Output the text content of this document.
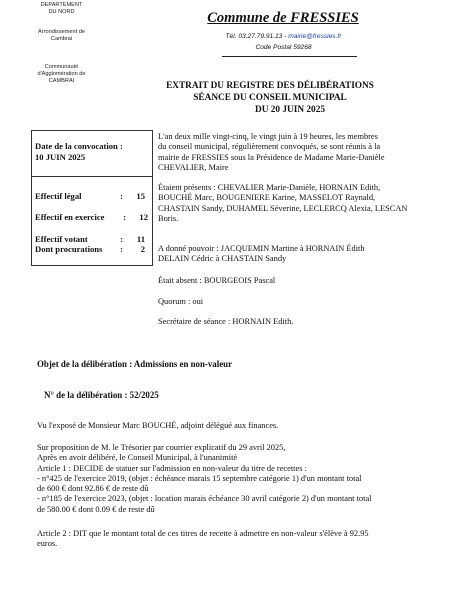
DEPARTEMENT
DU NORD
Arrondissement de
Cambrai
Communauté
d'Agglomération de
CAMBRAI
Commune de FRESSIES
Tél. 03.27.79.91.13 - mairie@fressies.fr
Code Postal 59268
EXTRAIT DU REGISTRE DES DÉLIBÉRATIONS
SÉANCE DU CONSEIL MUNICIPAL
DU 20 JUIN 2025
Date de la convocation :
10 JUIN 2025
Effectif légal	: 15
Effectif en exercice : 12
Effectif votant	: 11
Dont procurations : 2
L'an deux mille vingt-cinq, le vingt juin à 19 heures, les membres
du conseil municipal, régulièrement convoqués, se sont réunis à la
mairie de FRESSIES sous la Présidence de Madame Marie-Danièle
CHEVALIER, Maire
Étaient présents : CHEVALIER Marie-Danièle, HORNAIN Edith,
BOUCHÉ Marc, BOUGENIERE Karine, MASSELOT Raynald,
CHASTAIN Sandy, DUHAMEL Séverine, LECLERCQ Alexia, LESCAN
Boris.
A donné pouvoir : JACQUEMIN Martine à HORNAIN Édith
DELAIN Cédric à CHASTAIN Sandy
Était absent : BOURGEOIS Pascal
Quorum : oui
Secrétaire de séance : HORNAIN Edith.
Objet de la délibération : Admissions en non-valeur
N° de la délibération : 52/2025
Vu l'exposé de Monsieur Marc BOUCHÉ, adjoint délégué aux finances.
Sur proposition de M. le Trésorier par courrier explicatif du 29 avril 2025,
Après en avoir délibéré, le Conseil Municipal, à l'unanimité
Article 1 : DECIDE de statuer sur l'admission en non-valeur du titre de recettes :
- n°425 de l'exercice 2019, (objet : échéance marais 15 septembre catégorie 1) d'un montant total
de 600 € dont 92.86 € de reste dû
- n°185 de l'exercice 2023, (objet : location marais échéance 30 avril catégorie 2) d'un montant total
de 580.00 € dont 0.09 € de reste dû
Article 2 : DIT que le montant total de ces titres de recette à admettre en non-valeur s'élève à 92.95
euros.
